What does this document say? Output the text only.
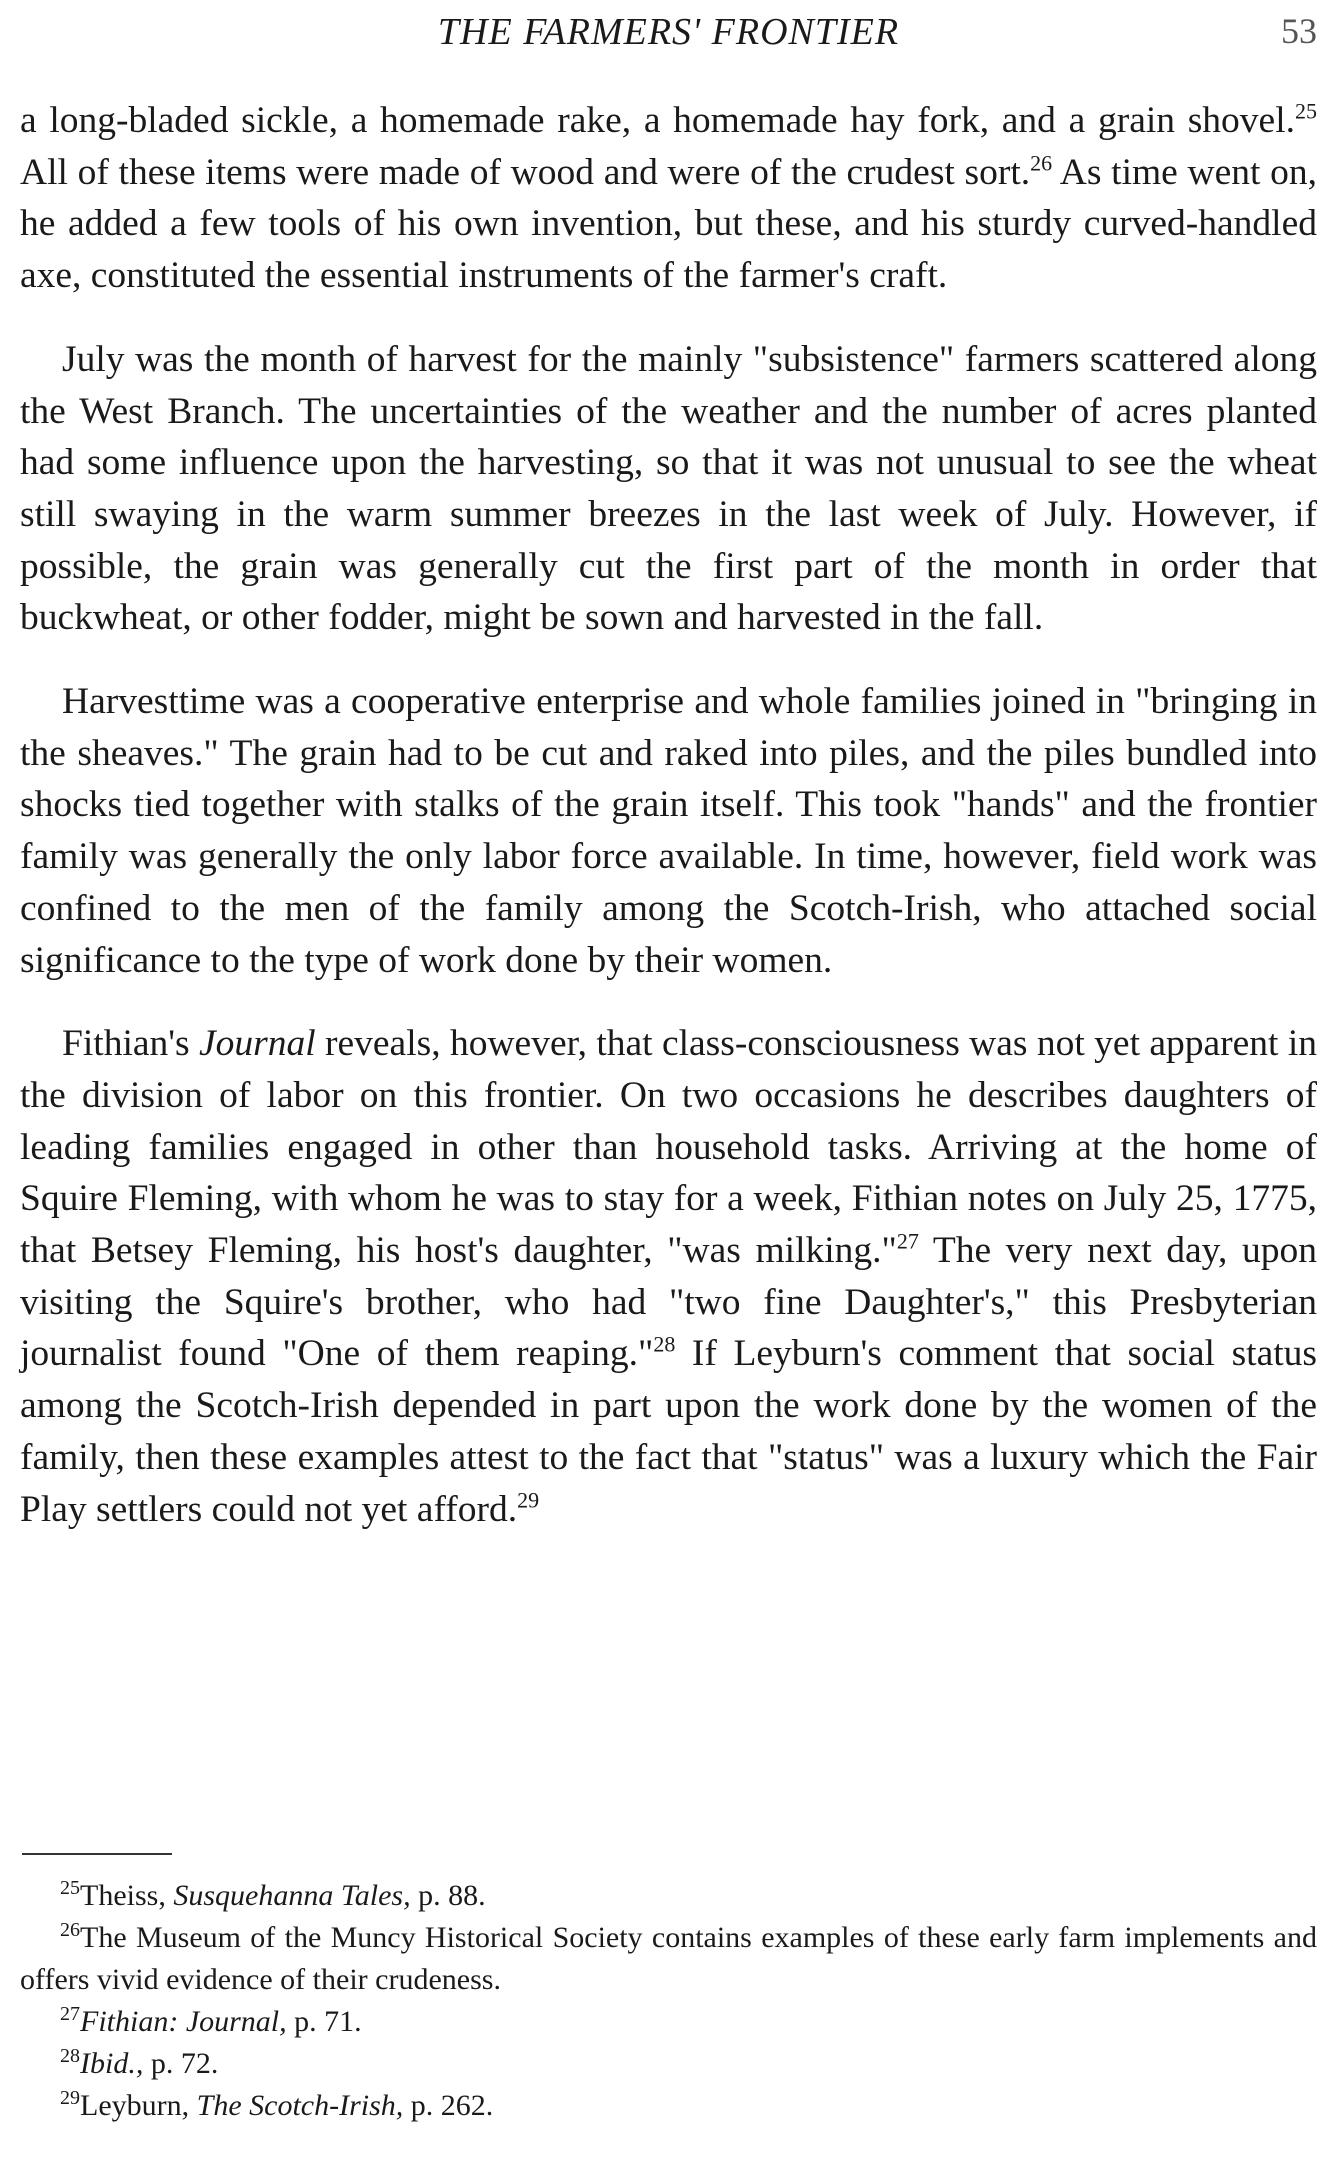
THE FARMERS' FRONTIER	53

a long-bladed sickle, a homemade rake, a homemade hay fork, and a grain shovel.$^{25}$ All of these items were made of wood and were of the crudest sort.$^{26}$ As time went on, he added a few tools of his own invention, but these, and his sturdy curved-handled axe, constituted the essential instruments of the farmer's craft.

July was the month of harvest for the mainly "subsistence" farmers scattered along the West Branch. The uncertainties of the weather and the number of acres planted had some influence upon the harvesting, so that it was not unusual to see the wheat still swaying in the warm summer breezes in the last week of July. However, if possible, the grain was generally cut the first part of the month in order that buckwheat, or other fodder, might be sown and harvested in the fall.

Harvesttime was a cooperative enterprise and whole families joined in "bringing in the sheaves." The grain had to be cut and raked into piles, and the piles bundled into shocks tied together with stalks of the grain itself. This took "hands" and the frontier family was generally the only labor force available. In time, however, field work was confined to the men of the family among the Scotch-Irish, who attached social significance to the type of work done by their women.

Fithian's Journal reveals, however, that class-consciousness was not yet apparent in the division of labor on this frontier. On two occasions he describes daughters of leading families engaged in other than household tasks. Arriving at the home of Squire Fleming, with whom he was to stay for a week, Fithian notes on July 25, 1775, that Betsey Fleming, his host's daughter, "was milking."$^{27}$ The very next day, upon visiting the Squire's brother, who had "two fine Daughter's," this Presbyterian journalist found "One of them reaping."$^{28}$ If Leyburn's comment that social status among the Scotch-Irish depended in part upon the work done by the women of the family, then these examples attest to the fact that "status" was a luxury which the Fair Play settlers could not yet afford.$^{29}$

$^{25}$Theiss, Susquehanna Tales, p. 88.

$^{26}$The Museum of the Muncy Historical Society contains examples of these early farm implements and offers vivid evidence of their crudeness.

$^{27}$Fithian: Journal, p. 71.

$^{28}$Ibid., p. 72.

$^{29}$Leyburn, The Scotch-Irish, p. 262.
